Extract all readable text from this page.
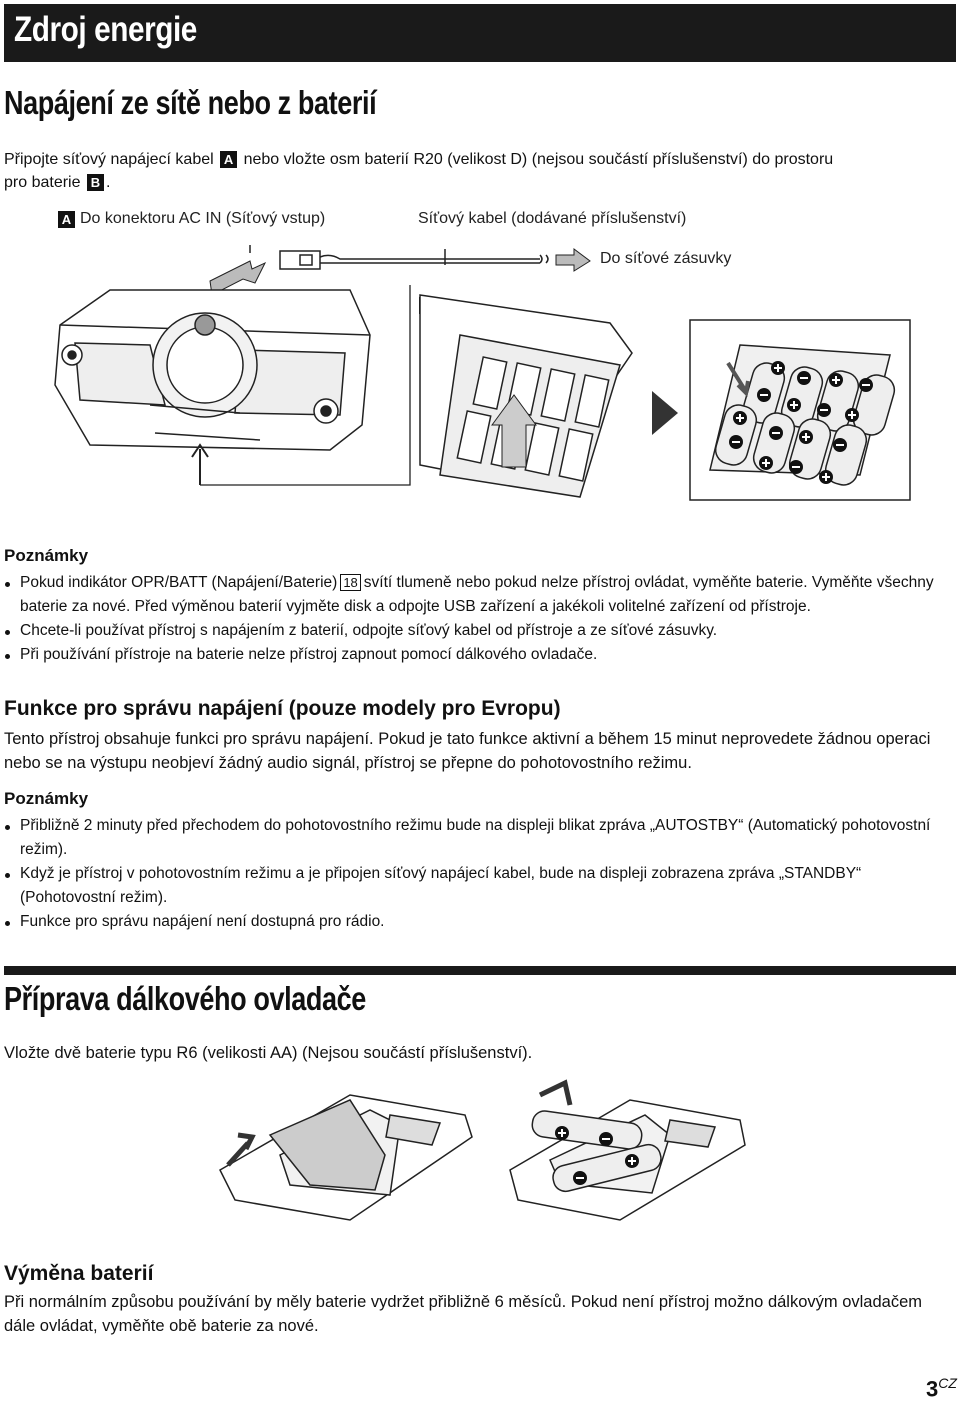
Zdroj energie
Napájení ze sítě nebo z baterií
Připojte síťový napájecí kabel A nebo vložte osm baterií R20 (velikost D) (nejsou součástí příslušenství) do prostoru
pro baterie B .
A Do konektoru AC IN (Síťový vstup)	Síťový kabel (dodávané příslušenství)
Do síťové zásuvky
Poznámky
Pokud indikátor OPR/BATT (Napájení/Baterie) 18 svítí tlumeně nebo pokud nelze přístroj ovládat, vyměňte baterie. Vyměňte všechny baterie za nové. Před výměnou baterií vyjměte disk a odpojte USB zařízení a jakékoli volitelné zařízení od přístroje.
Chcete-li používat přístroj s napájením z baterií, odpojte síťový kabel od přístroje a ze síťové zásuvky.
Při používání přístroje na baterie nelze přístroj zapnout pomocí dálkového ovladače.
Funkce pro správu napájení (pouze modely pro Evropu)
Tento přístroj obsahuje funkci pro správu napájení. Pokud je tato funkce aktivní a během 15 minut neprovedete žádnou operaci nebo se na výstupu neobjeví žádný audio signál, přístroj se přepne do pohotovostního režimu.
Poznámky
Přibližně 2 minuty před přechodem do pohotovostního režimu bude na displeji blikat zpráva „AUTOSTBY“ (Automatický pohotovostní režim).
Když je přístroj v pohotovostním režimu a je připojen síťový napájecí kabel, bude na displeji zobrazena zpráva „STANDBY“ (Pohotovostní režim).
Funkce pro správu napájení není dostupná pro rádio.
Příprava dálkového ovladače
Vložte dvě baterie typu R6 (velikosti AA) (Nejsou součástí příslušenství).
Výměna baterií
Při normálním způsobu používání by měly baterie vydržet přibližně 6 měsíců. Pokud není přístroj možno dálkovým ovladačem dále ovládat, vyměňte obě baterie za nové.
$3^{CZ}$
